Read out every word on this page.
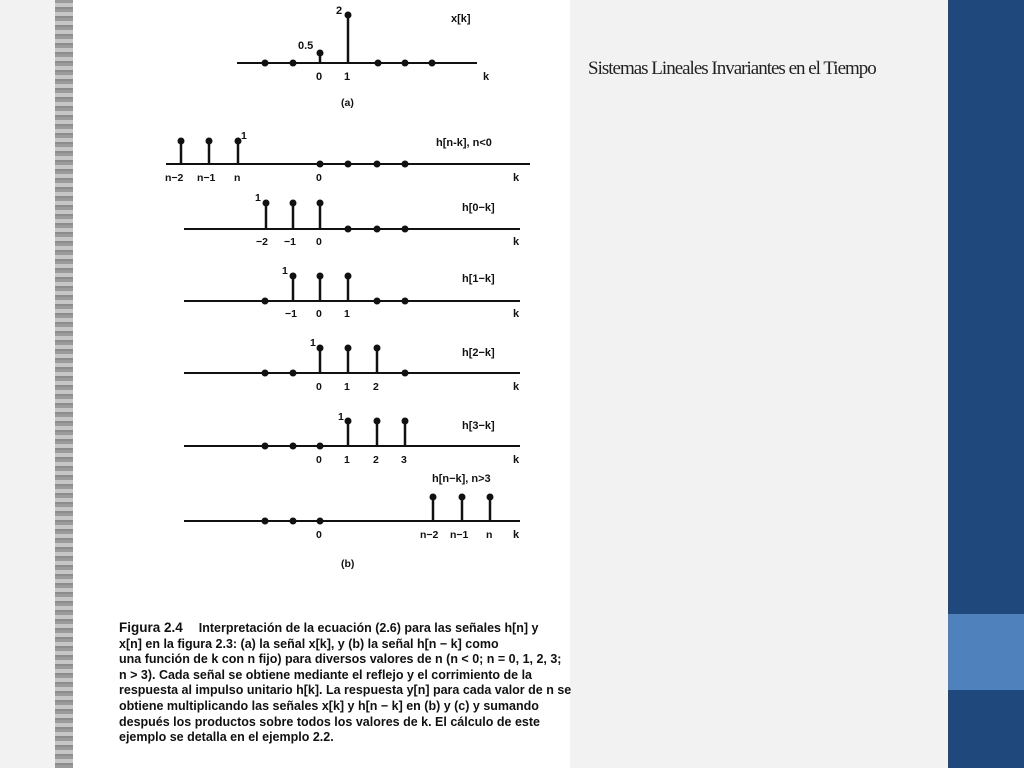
Sistemas Lineales Invariantes en el Tiempo
0.5
2
0 1	k
x[k]
(a)
1
n−2 n−1 n	0	k
h[n-k], n<0
1
−2 −1 0	k
h[0−k]
1
−1 0 1	k
h[1−k]
1
0 1 2	k
h[2−k]
1
0 1 2 3	k
h[3−k]
0	n−2 n−1 n k
h[n−k], n>3
(b)
Figura 2.4 Interpretación de la ecuación (2.6) para las señales h[n] y
x[n] en la figura 2.3: (a) la señal x[k], y (b) la señal h[n − k] como
una función de k con n fijo) para diversos valores de n (n < 0; n = 0, 1, 2, 3;
n > 3). Cada señal se obtiene mediante el reflejo y el corrimiento de la
respuesta al impulso unitario h[k]. La respuesta y[n] para cada valor de n se
obtiene multiplicando las señales x[k] y h[n − k] en (b) y (c) y sumando
después los productos sobre todos los valores de k. El cálculo de este
ejemplo se detalla en el ejemplo 2.2.
